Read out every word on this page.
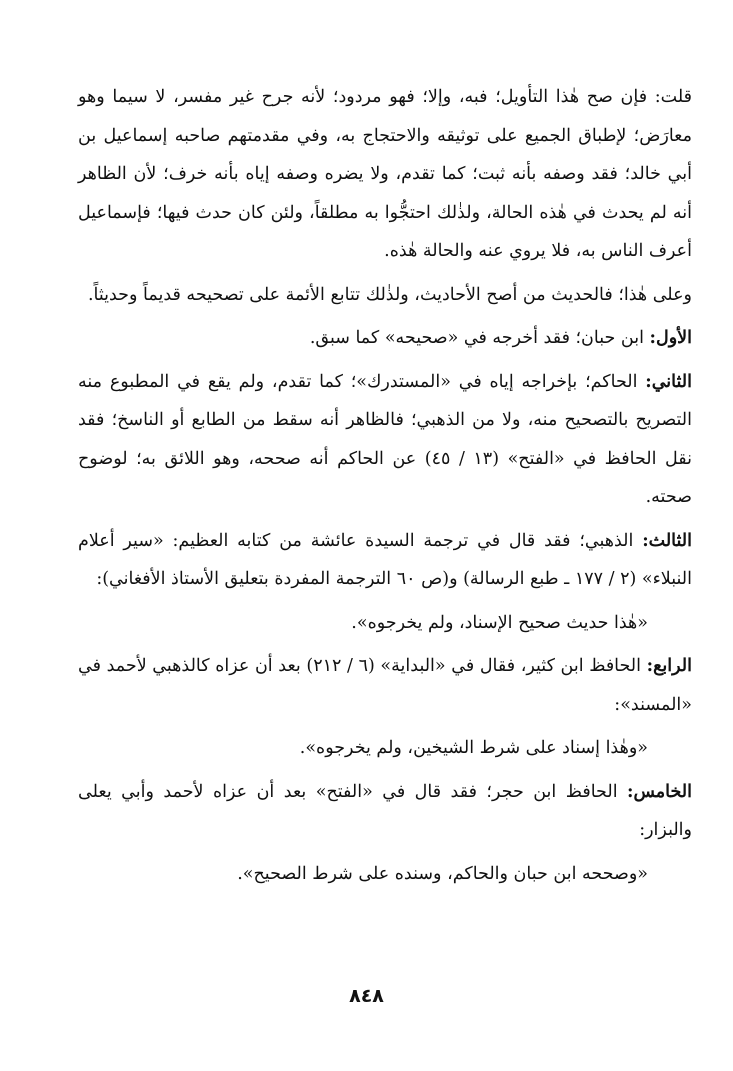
قلت: فإن صح هٰذا التأويل؛ فبه، وإلا؛ فهو مردود؛ لأنه جرح غير مفسر، لا سيما وهو معارَض؛ لإطباق الجميع على توثيقه والاحتجاج به، وفي مقدمتهم صاحبه إسماعيل بن أبي خالد؛ فقد وصفه بأنه ثبت؛ كما تقدم، ولا يضره وصفه إياه بأنه خرف؛ لأن الظاهر أنه لم يحدث في هٰذه الحالة، ولذٰلك احتجُّوا به مطلقاً، ولئن كان حدث فيها؛ فإسماعيل أعرف الناس به، فلا يروي عنه والحالة هٰذه.

وعلى هٰذا؛ فالحديث من أصح الأحاديث، ولذٰلك تتابع الأئمة على تصحيحه قديماً وحديثاً.

الأول: ابن حبان؛ فقد أخرجه في «صحيحه» كما سبق.

الثاني: الحاكم؛ بإخراجه إياه في «المستدرك»؛ كما تقدم، ولم يقع في المطبوع منه التصريح بالتصحيح منه، ولا من الذهبي؛ فالظاهر أنه سقط من الطابع أو الناسخ؛ فقد نقل الحافظ في «الفتح» (١٣ / ٤٥) عن الحاكم أنه صححه، وهو اللائق به؛ لوضوح صحته.

الثالث: الذهبي؛ فقد قال في ترجمة السيدة عائشة من كتابه العظيم: «سير أعلام النبلاء» (٢ / ١٧٧ ـ طبع الرسالة) و(ص ٦٠ الترجمة المفردة بتعليق الأستاذ الأفغاني):

«هٰذا حديث صحيح الإسناد، ولم يخرجوه».

الرابع: الحافظ ابن كثير، فقال في «البداية» (٦ / ٢١٢) بعد أن عزاه كالذهبي لأحمد في «المسند»:

«وهٰذا إسناد على شرط الشيخين، ولم يخرجوه».

الخامس: الحافظ ابن حجر؛ فقد قال في «الفتح» بعد أن عزاه لأحمد وأبي يعلى والبزار:

«وصححه ابن حبان والحاكم، وسنده على شرط الصحيح».

٨٤٨
